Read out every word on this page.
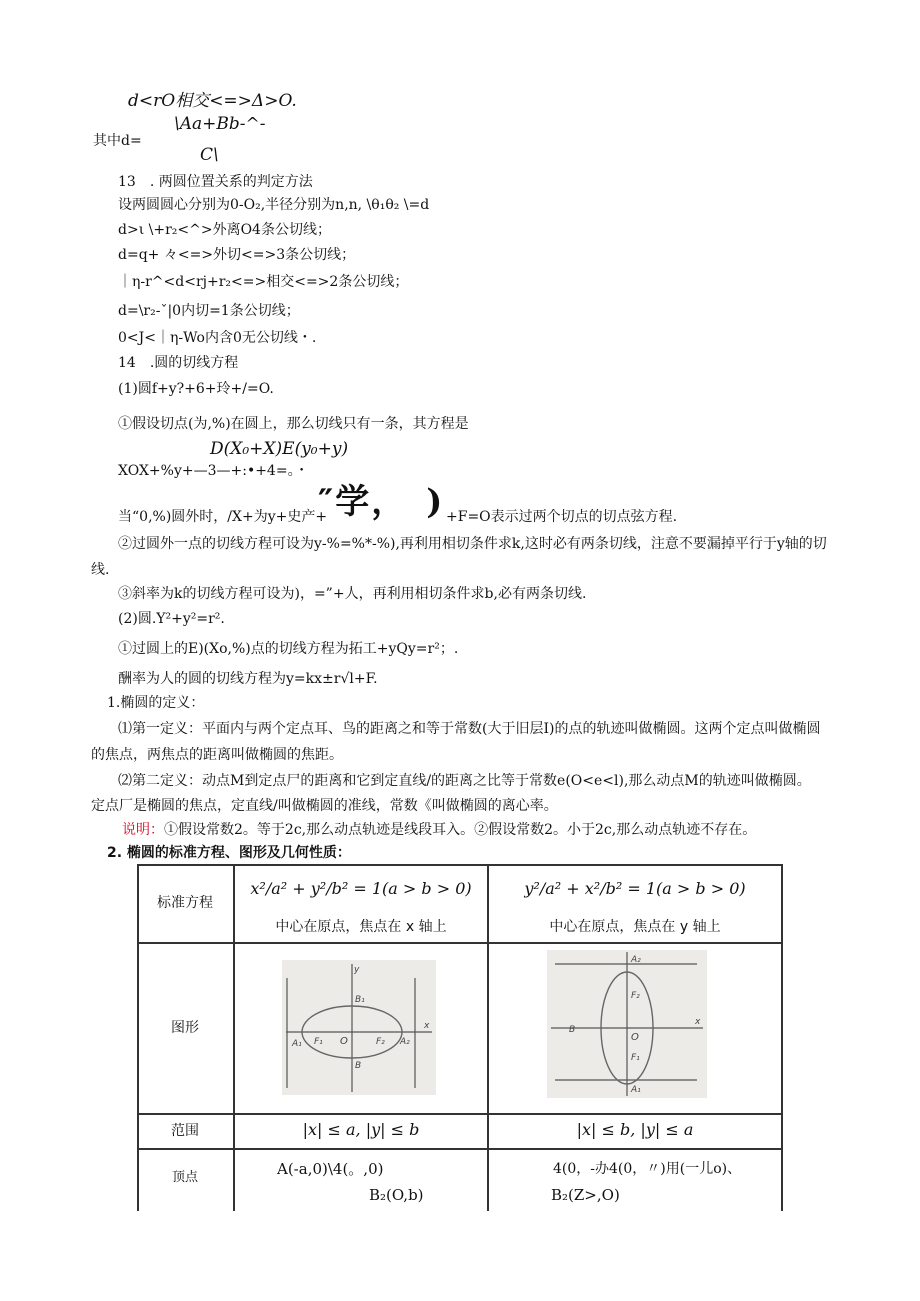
d<rO相交<=>Δ>O.
\Aa+Bb-^-
其中d=
C\
13　. 两圆位置关系的判定方法
设两圆圆心分别为0-O₂,半径分别为n,n, \θ₁θ₂ \=d
d>ι \+r₂<^>外离O4条公切线；
d=q+ 々<=>外切<=>3条公切线；
｜η-r^<d<rj+r₂<=>相交<=>2条公切线；
d=\r₂-ˇ|0内切=1条公切线；
0<J<｜η-Wo内含0无公切线・.
14　.圆的切线方程
(1)圆f+y?+6+玲+/=O.
①假设切点(为,%)在圆上，那么切线只有一条，其方程是
D(X₀+X)E(y₀+y)
XOX+%y+—3—+:•+4=。・
当“0,%)圆外时，/X+为y+史产+
″学，　) +F=O表示过两个切点的切点弦方程.
②过圆外一点的切线方程可设为y-%=%*-%),再利用相切条件求k,这时必有两条切线，注意不要漏掉平行于y轴的切
线.
③斜率为k的切线方程可设为)，=”+人，再利用相切条件求b,必有两条切线.
(2)圆.Y²+y²=r².
①过圆上的E)(Xo,%)点的切线方程为拓工+yQy=r²；.
酬率为人的圆的切线方程为y=kx±r√l+F.
1.椭圆的定义：
⑴第一定义：平面内与两个定点耳、鸟的距离之和等于常数(大于旧层I)的点的轨迹叫做椭圆。这两个定点叫做椭圆
的焦点，两焦点的距离叫做椭圆的焦距。
⑵第二定义：动点M到定点尸的距离和它到定直线/的距离之比等于常数e(O<e<l),那么动点M的轨迹叫做椭圆。
定点厂是椭圆的焦点，定直线/叫做椭圆的准线，常数《叫做椭圆的离心率。
说明：①假设常数2。等于2c,那么动点轨迹是线段耳入。②假设常数2。小于2c,那么动点轨迹不存在。
2. 椭圆的标准方程、图形及几何性质：
标准方程
图形
范围
顶点
x²/a² + y²/b² = 1(a > b > 0)
中心在原点，焦点在 x 轴上
y²/a² + x²/b² = 1(a > b > 0)
中心在原点，焦点在 y 轴上
y
B₁
A₁ F₁ O	F₂ A₂
x
B
A₂
F₂
B
O
F₁
A₁
x
|x| ≤ a, |y| ≤ b	|x| ≤ b, |y| ≤ a
A(-a,0)\4(。,0)
B₂(O,b)
4(0，-办4(0，〃)用(一儿o)、
B₂(Z>,O)
